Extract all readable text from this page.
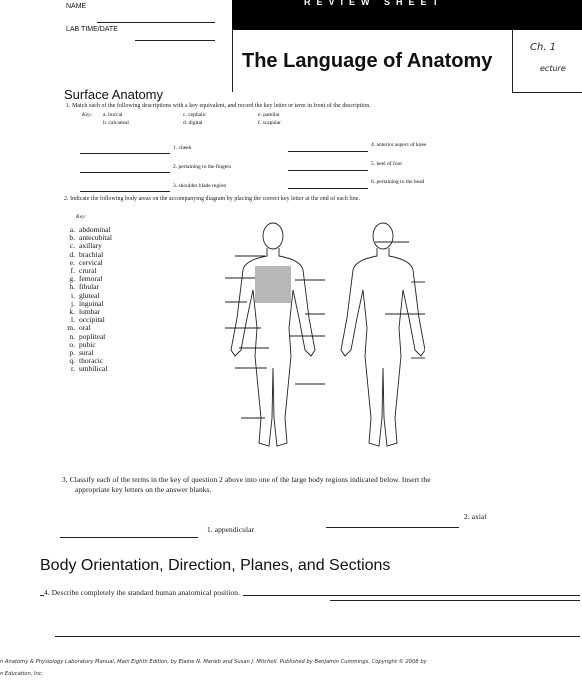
NAME
LAB TIME/DATE
REVIEW SHEET
The Language of Anatomy
Ch. 1
ecture
Surface Anatomy
1. Match each of the following descriptions with a key equivalent, and record the key letter or term in front of the description.
Key: a. buccal
b. calcaneal
c. cephalic
d. digital
e. patellar
f. scapular
1. cheek
2. pertaining to the fingers
3. shoulder blade region
4. anterior aspect of knee
5. heel of foot
6. pertaining to the head
2. Indicate the following body areas on the accompanying diagram by placing the correct key letter at the end of each line.
Key:
a. abdominal
b. antecubital
c. axillary
d. brachial
e. cervical
f. crural
g. femoral
h. fibular
i. gluteal
j. inguinal
k. lumbar
l. occipital
m. oral
n. popliteal
o. pubic
p. sural
q. thoracic
r. umbilical
3. Classify each of the terms in the key of question 2 above into one of the large body regions indicated below. Insert the
appropriate key letters on the answer blanks.
1. appendicular
2. axial
Body Orientation, Direction, Planes, and Sections
4. Describe completely the standard human anatomical position.
n Anatomy & Physiology Laboratory Manual, Main Eighth Edition, by Elaine N. Marieb and Susan J. Mitchell. Published by Benjamin Cummings. Copyright © 2008 by
n Education, Inc.
